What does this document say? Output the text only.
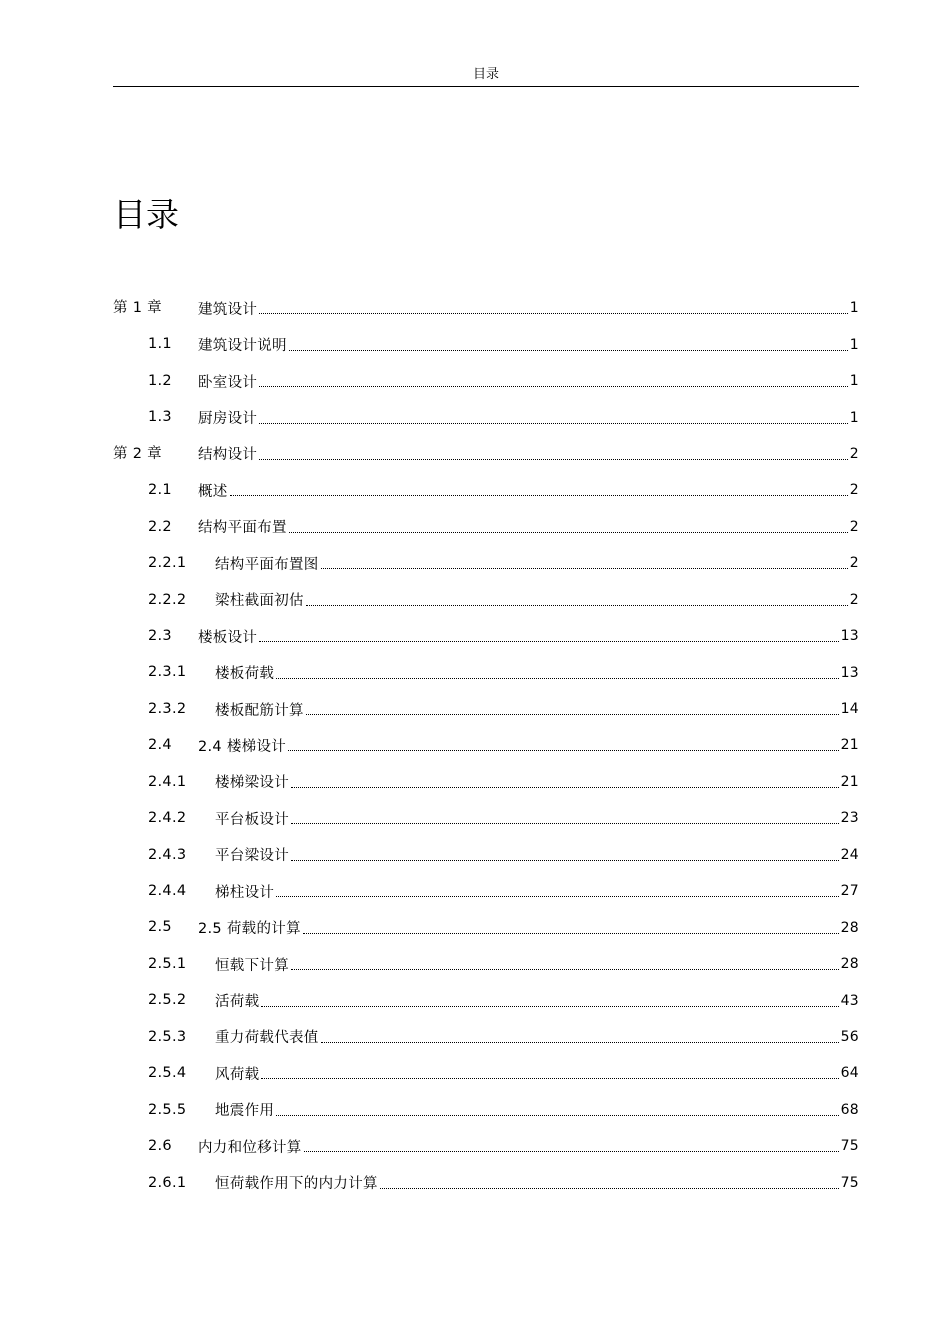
目录
目录
第 1 章 建筑设计	1
1.1 建筑设计说明	1
1.2 卧室设计	1
1.3 厨房设计	1
第 2 章 结构设计	2
2.1 概述	2
2.2 结构平面布置	2
2.2.1 结构平面布置图	2
2.2.2 梁柱截面初估	2
2.3 楼板设计	13
2.3.1 楼板荷载	13
2.3.2 楼板配筋计算	14
2.4 2.4 楼梯设计	21
2.4.1 楼梯梁设计	21
2.4.2 平台板设计	23
2.4.3 平台梁设计	24
2.4.4 梯柱设计	27
2.5 2.5 荷载的计算	28
2.5.1 恒载下计算	28
2.5.2 活荷载	43
2.5.3 重力荷载代表值	56
2.5.4 风荷载	64
2.5.5 地震作用	68
2.6 内力和位移计算	75
2.6.1 恒荷载作用下的内力计算	75
